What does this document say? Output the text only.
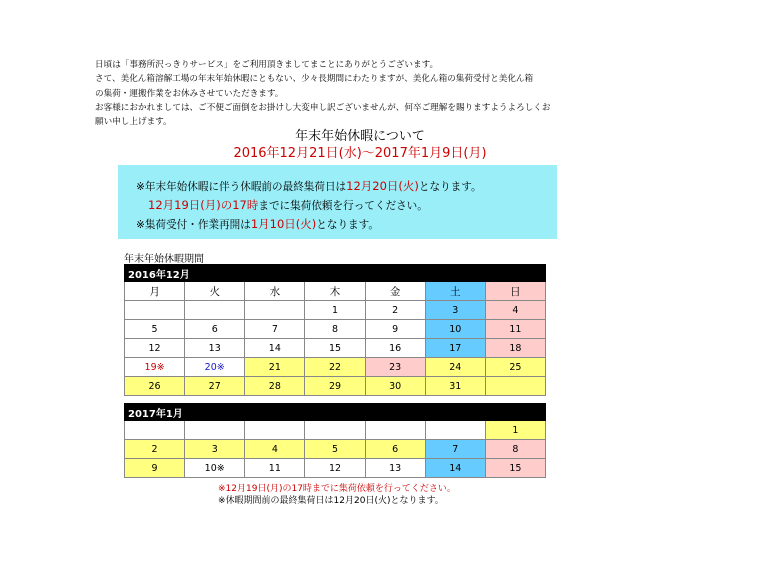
日頃は「事務所沢っきりサービス」をご利用頂きましてまことにありがとうございます。

さて、美化ん箱溶解工場の年末年始休暇にともない、少々長期間にわたりますが、美化ん箱の集荷受付と美化ん箱

の集荷・運搬作業をお休みさせていただきます。

お客様におかれましては、ご不便ご面倒をお掛けし大変申し訳ございませんが、何卒ご理解を賜りますようよろしくお

願い申し上げます。

年末年始休暇について
2016年12月21日(水)～2017年1月9日(月)
※年末年始休暇に伴う休暇前の最終集荷日は12月20日(火)となります。
12月19日(月)の17時までに集荷依頼を行ってください。
※集荷受付・作業再開は1月10日(火)となります。
年末年始休暇期間
2016年12月						
月	火	水	木	金	土	日
			1	2	3	4
5	6	7	8	9	10	11
12	13	14	15	16	17	18
19※	20※	21	22	23	24	25
26	27	28	29	30	31	
2017年1月						
						1
2	3	4	5	6	7	8
9	10※	11	12	13	14	15
※12月19日(月)の17時までに集荷依頼を行ってください。
※休暇期間前の最終集荷日は12月20日(火)となります。
